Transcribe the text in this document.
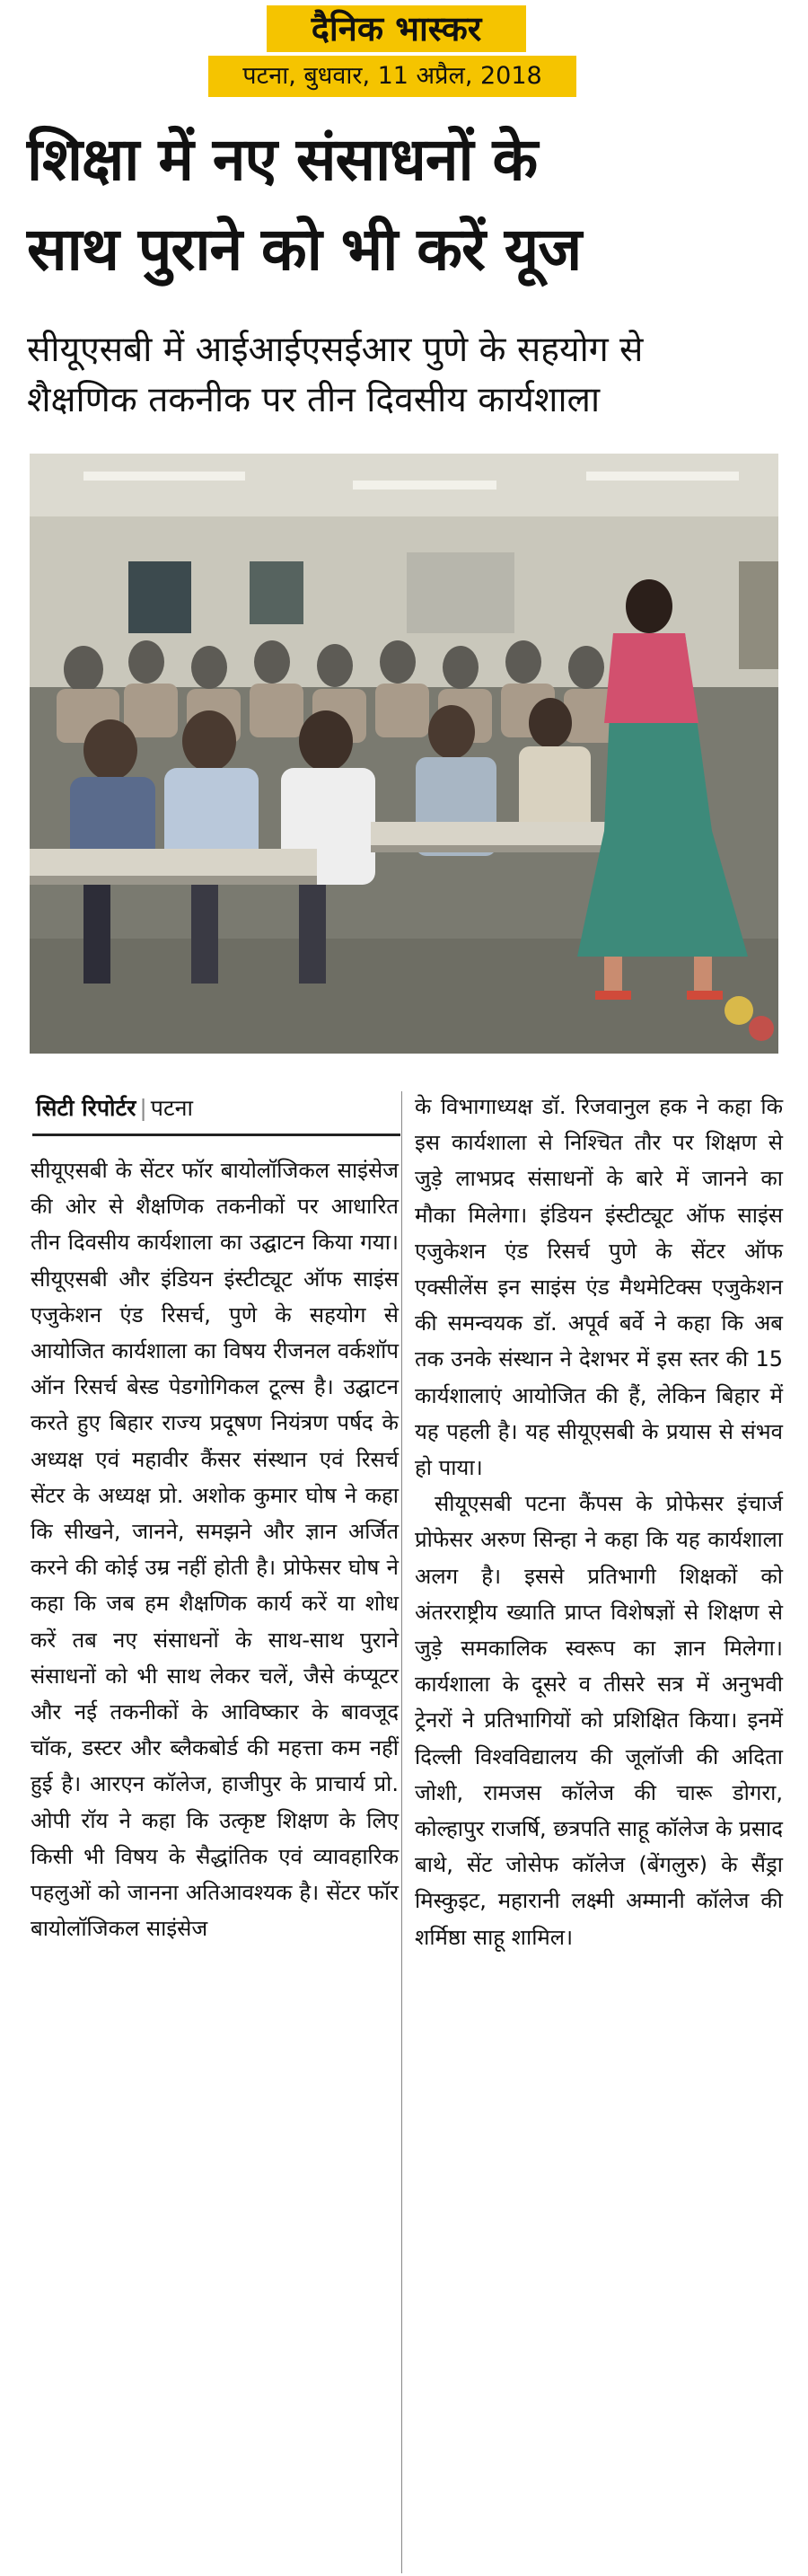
दैनिक भास्कर
पटना, बुधवार, 11 अप्रैल, 2018
शिक्षा में नए संसाधनों के
साथ पुराने को भी करें यूज
सीयूएसबी में आईआईएसईआर पुणे के सहयोग से
शैक्षणिक तकनीक पर तीन दिवसीय कार्यशाला
सिटी रिपोर्टर | पटना

सीयूएसबी के सेंटर फॉर बायोलॉजिकल साइंसेज की ओर से शैक्षणिक तकनीकों पर आधारित तीन दिवसीय कार्यशाला का उद्घाटन किया गया। सीयूएसबी और इंडियन इंस्टीट्यूट ऑफ साइंस एजुकेशन एंड रिसर्च, पुणे के सहयोग से आयोजित कार्यशाला का विषय रीजनल वर्कशॉप ऑन रिसर्च बेस्ड पेडगोगिकल टूल्स है। उद्घाटन करते हुए बिहार राज्य प्रदूषण नियंत्रण पर्षद के अध्यक्ष एवं महावीर कैंसर संस्थान एवं रिसर्च सेंटर के अध्यक्ष प्रो. अशोक कुमार घोष ने कहा कि सीखने, जानने, समझने और ज्ञान अर्जित करने की कोई उम्र नहीं होती है। प्रोफेसर घोष ने कहा कि जब हम शैक्षणिक कार्य करें या शोध करें तब नए संसाधनों के साथ-साथ पुराने संसाधनों को भी साथ लेकर चलें, जैसे कंप्यूटर और नई तकनीकों के आविष्कार के बावजूद चॉक, डस्टर और ब्लैकबोर्ड की महत्ता कम नहीं हुई है। आरएन कॉलेज, हाजीपुर के प्राचार्य प्रो. ओपी रॉय ने कहा कि उत्कृष्ट शिक्षण के लिए किसी भी विषय के सैद्धांतिक एवं व्यावहारिक पहलुओं को जानना अतिआवश्यक है। सेंटर फॉर बायोलॉजिकल साइंसेज

के विभागाध्यक्ष डॉ. रिजवानुल हक ने कहा कि इस कार्यशाला से निश्चित तौर पर शिक्षण से जुड़े लाभप्रद संसाधनों के बारे में जानने का मौका मिलेगा। इंडियन इंस्टीट्यूट ऑफ साइंस एजुकेशन एंड रिसर्च पुणे के सेंटर ऑफ एक्सीलेंस इन साइंस एंड मैथमेटिक्स एजुकेशन की समन्वयक डॉ. अपूर्व बर्वे ने कहा कि अब तक उनके संस्थान ने देशभर में इस स्तर की 15 कार्यशालाएं आयोजित की हैं, लेकिन बिहार में यह पहली है। यह सीयूएसबी के प्रयास से संभव हो पाया।

सीयूएसबी पटना कैंपस के प्रोफेसर इंचार्ज प्रोफेसर अरुण सिन्हा ने कहा कि यह कार्यशाला अलग है। इससे प्रतिभागी शिक्षकों को अंतरराष्ट्रीय ख्याति प्राप्त विशेषज्ञों से शिक्षण से जुड़े समकालिक स्वरूप का ज्ञान मिलेगा। कार्यशाला के दूसरे व तीसरे सत्र में अनुभवी ट्रेनरों ने प्रतिभागियों को प्रशिक्षित किया। इनमें दिल्ली विश्वविद्यालय की जूलॉजी की अदिता जोशी, रामजस कॉलेज की चारू डोगरा, कोल्हापुर राजर्षि, छत्रपति साहू कॉलेज के प्रसाद बाथे, सेंट जोसेफ कॉलेज (बेंगलुरु) के सैंड्रा मिस्कुइट, महारानी लक्ष्मी अम्मानी कॉलेज की शर्मिष्ठा साहू शामिल।
